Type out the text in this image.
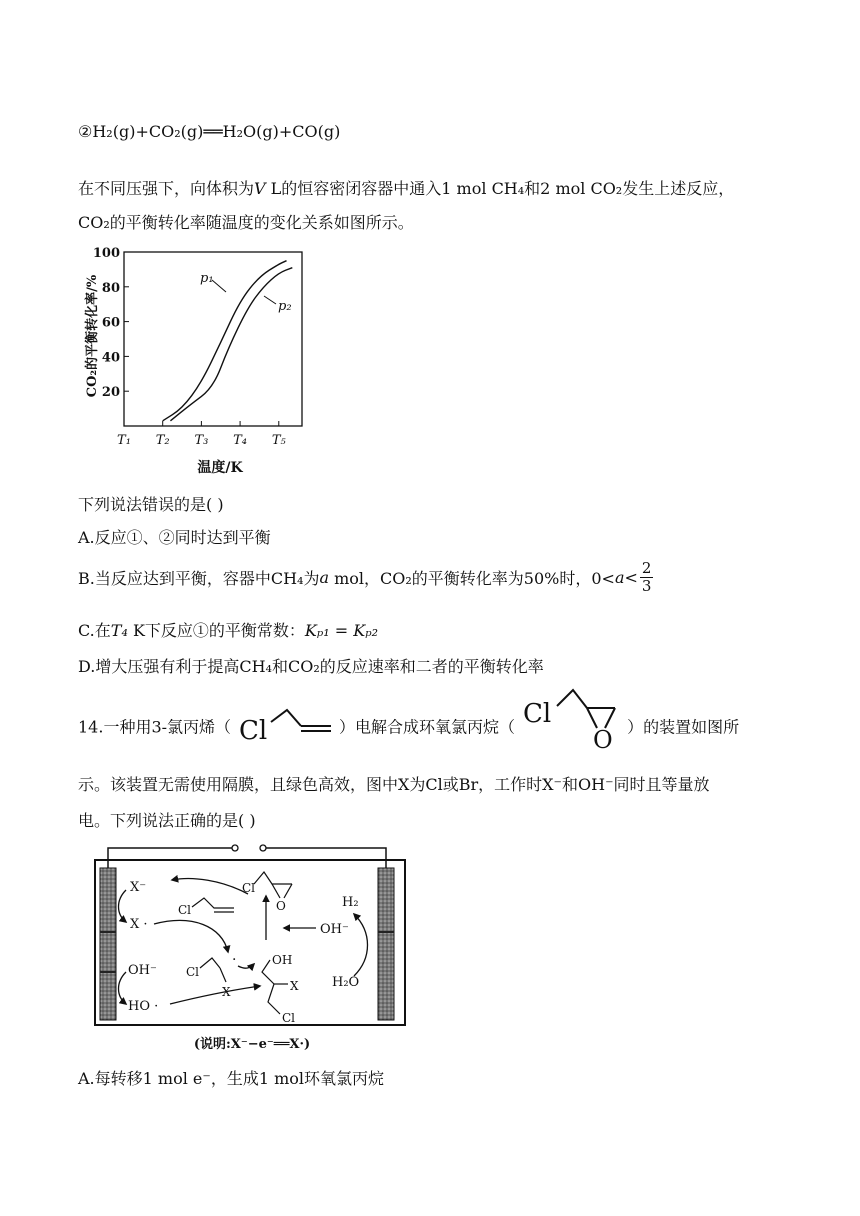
②H₂(g)+CO₂(g)══H₂O(g)+CO(g)
在不同压强下，向体积为V L的恒容密闭容器中通入1 mol CH₄和2 mol CO₂发生上述反应，
CO₂的平衡转化率随温度的变化关系如图所示。
100
80
60
40
20
T₁ T₂ T₃ T₄ T₅
CO₂的平衡转化率/%
温度/K
p₁
p₂
下列说法错误的是( )
A.反应①、②同时达到平衡
B.当反应达到平衡，容器中CH₄为a mol，CO₂的平衡转化率为50%时，$0<a< \frac{2}{3}$
C.在T₄ K下反应①的平衡常数：Kₚ₁ = Kₚ₂
D.增大压强有利于提高CH₄和CO₂的反应速率和二者的平衡转化率
14.一种用3-氯丙烯（ Cl	）电解合成环氧氯丙烷（ Cl
O ）的装置如图所
示。该装置无需使用隔膜，且绿色高效，图中X为Cl或Br，工作时X⁻和OH⁻同时且等量放
电。下列说法正确的是( )
X⁻
X ·
OH⁻
HO ·
Cl
Cl
O
OH⁻
Cl
X
·	OH
X
Cl
H₂
H₂O
(说明:X⁻−e⁻══X·)
A.每转移1 mol e⁻，生成1 mol环氧氯丙烷
